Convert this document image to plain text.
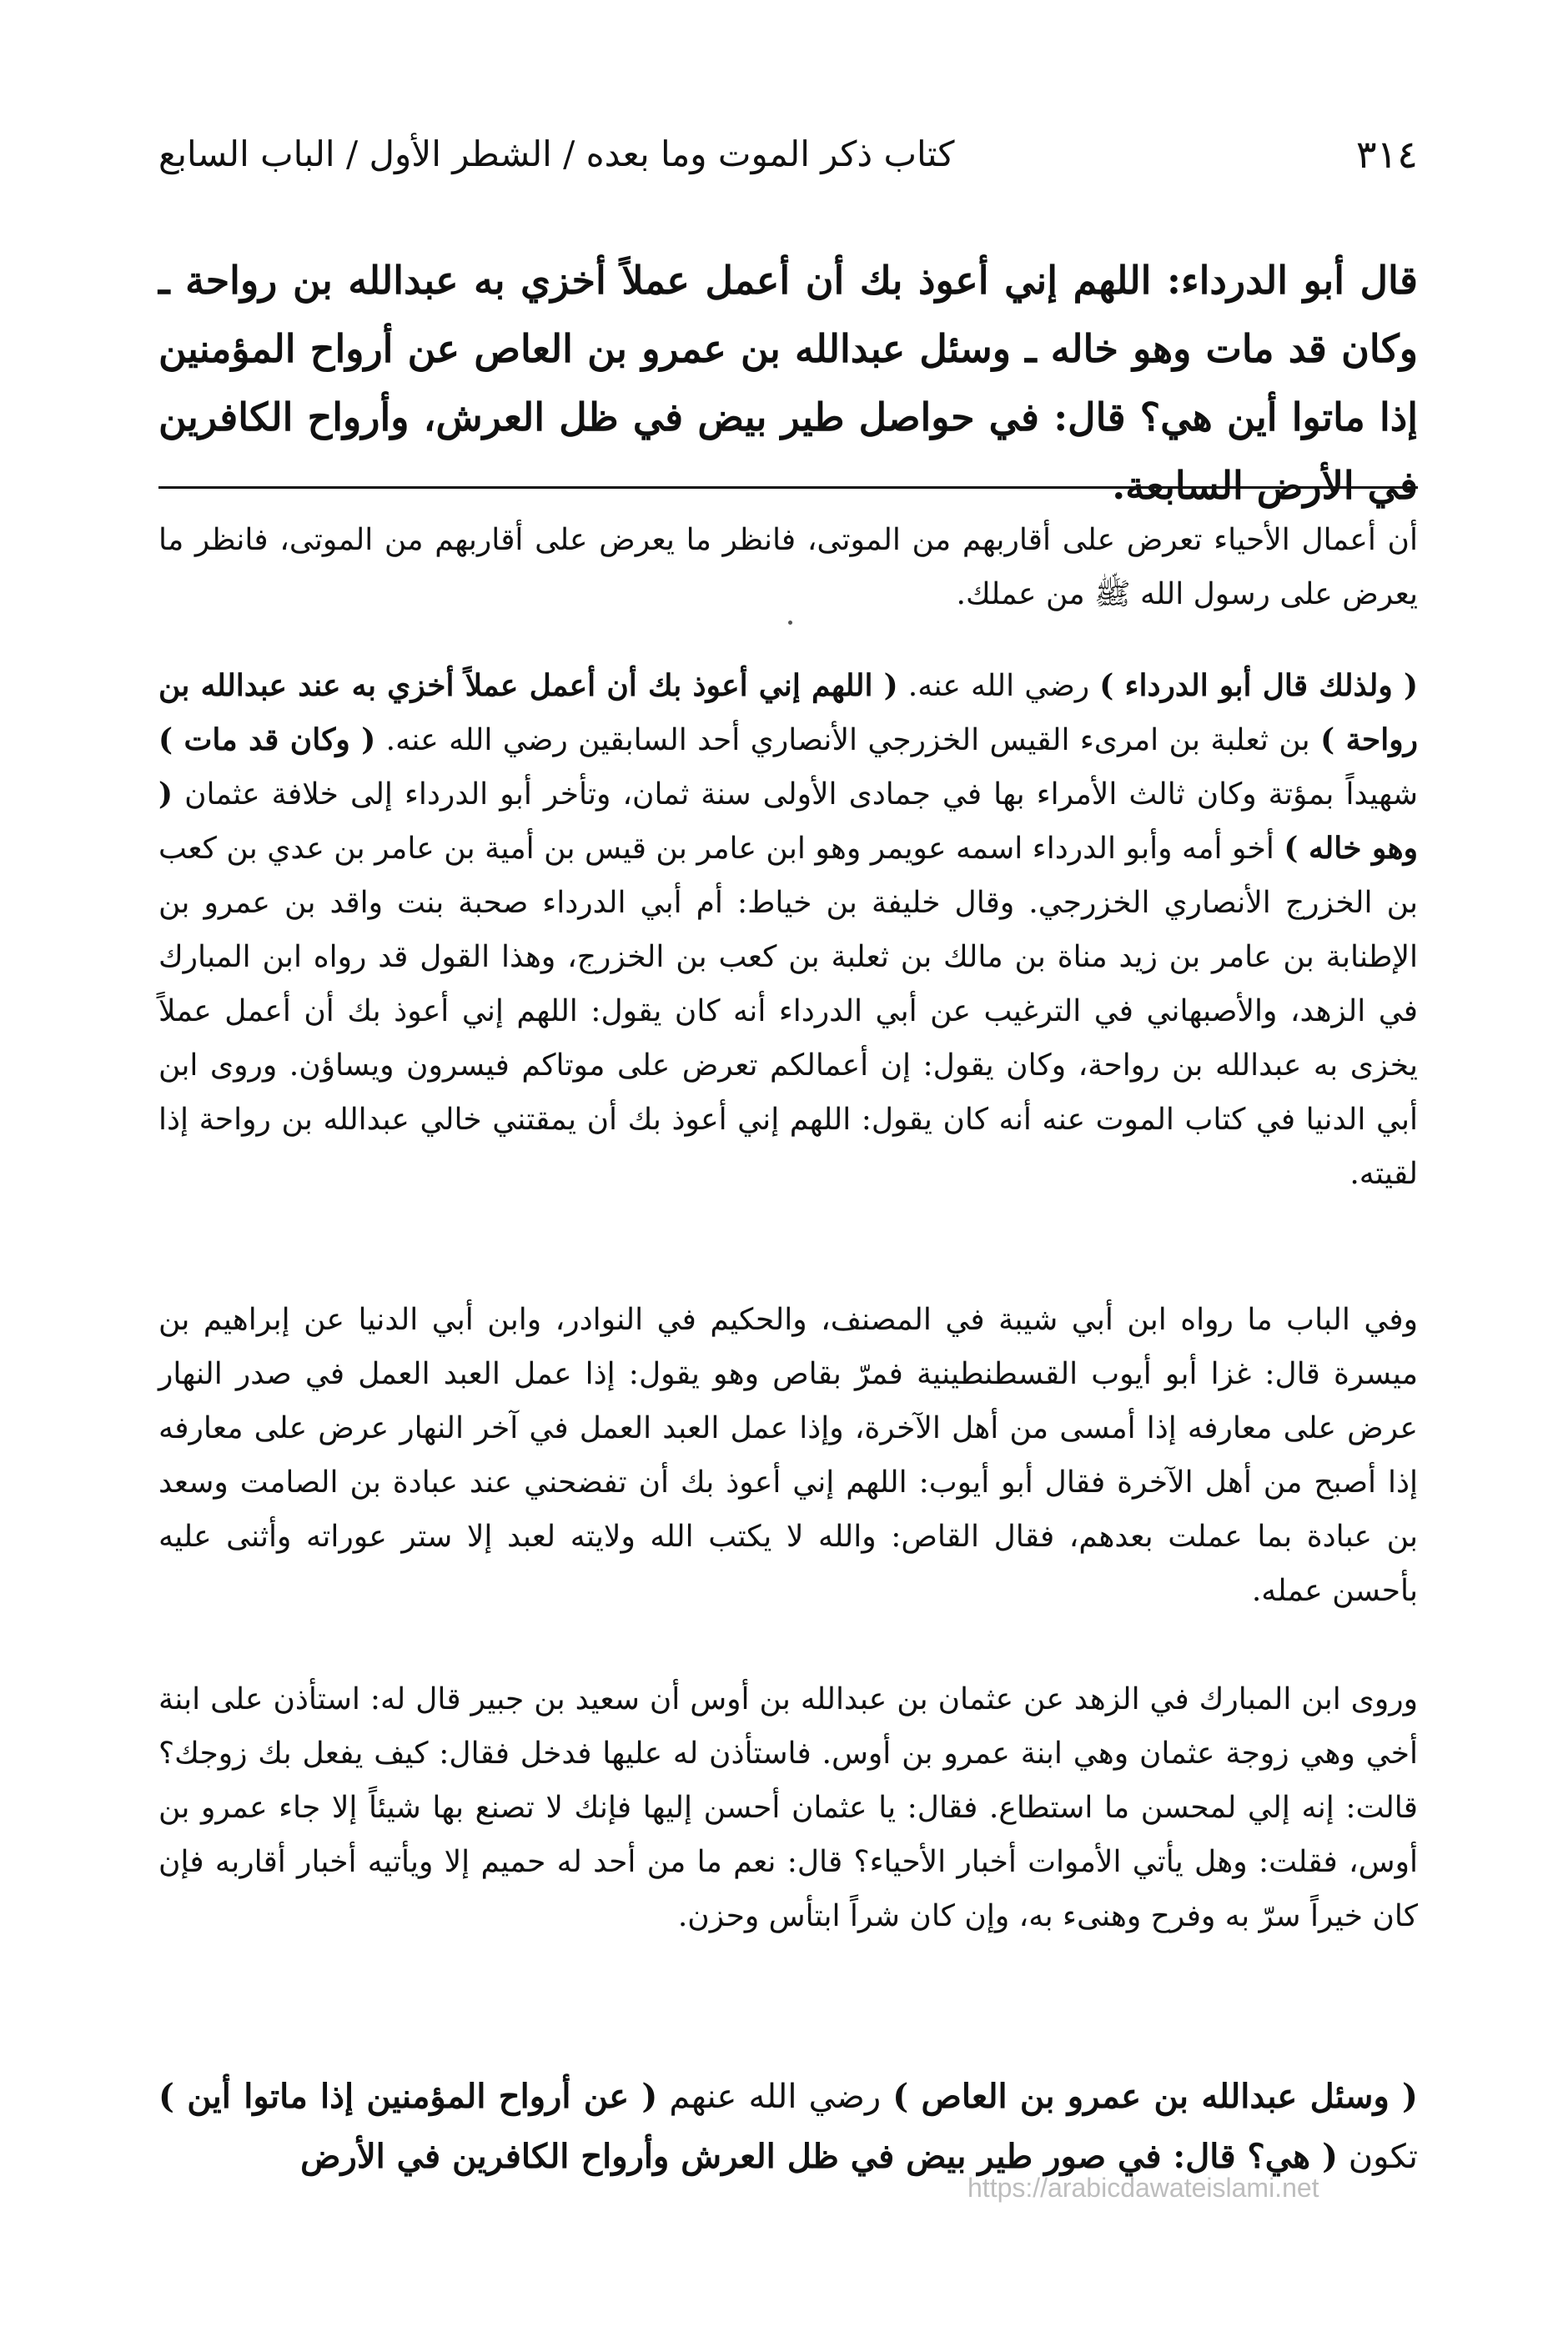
٣١٤
كتاب ذكر الموت وما بعده / الشطر الأول / الباب السابع
قال أبو الدرداء: اللهم إني أعوذ بك أن أعمل عملاً أخزي به عبدالله بن رواحة ـ وكان قد مات وهو خاله ـ وسئل عبدالله بن عمرو بن العاص عن أرواح المؤمنين إذا ماتوا أين هي؟ قال: في حواصل طير بيض في ظل العرش، وأرواح الكافرين في الأرض السابعة.

أن أعمال الأحياء تعرض على أقاربهم من الموتى، فانظر ما يعرض على أقاربهم من الموتى، فانظر ما يعرض على رسول الله ﷺ من عملك.

( ولذلك قال أبو الدرداء ) رضي الله عنه. ( اللهم إني أعوذ بك أن أعمل عملاً أخزي به عند عبدالله بن رواحة ) بن ثعلبة بن امرىء القيس الخزرجي الأنصاري أحد السابقين رضي الله عنه. ( وكان قد مات ) شهيداً بمؤتة وكان ثالث الأمراء بها في جمادى الأولى سنة ثمان، وتأخر أبو الدرداء إلى خلافة عثمان ( وهو خاله ) أخو أمه وأبو الدرداء اسمه عويمر وهو ابن عامر بن قيس بن أمية بن عامر بن عدي بن كعب بن الخزرج الأنصاري الخزرجي. وقال خليفة بن خياط: أم أبي الدرداء صحبة بنت واقد بن عمرو بن الإطنابة بن عامر بن زيد مناة بن مالك بن ثعلبة بن كعب بن الخزرج، وهذا القول قد رواه ابن المبارك في الزهد، والأصبهاني في الترغيب عن أبي الدرداء أنه كان يقول: اللهم إني أعوذ بك أن أعمل عملاً يخزى به عبدالله بن رواحة، وكان يقول: إن أعمالكم تعرض على موتاكم فيسرون ويساؤن. وروى ابن أبي الدنيا في كتاب الموت عنه أنه كان يقول: اللهم إني أعوذ بك أن يمقتني خالي عبدالله بن رواحة إذا لقيته.

وفي الباب ما رواه ابن أبي شيبة في المصنف، والحكيم في النوادر، وابن أبي الدنيا عن إبراهيم بن ميسرة قال: غزا أبو أيوب القسطنطينية فمرّ بقاص وهو يقول: إذا عمل العبد العمل في صدر النهار عرض على معارفه إذا أمسى من أهل الآخرة، وإذا عمل العبد العمل في آخر النهار عرض على معارفه إذا أصبح من أهل الآخرة فقال أبو أيوب: اللهم إني أعوذ بك أن تفضحني عند عبادة بن الصامت وسعد بن عبادة بما عملت بعدهم، فقال القاص: والله لا يكتب الله ولايته لعبد إلا ستر عوراته وأثنى عليه بأحسن عمله.

وروى ابن المبارك في الزهد عن عثمان بن عبدالله بن أوس أن سعيد بن جبير قال له: استأذن على ابنة أخي وهي زوجة عثمان وهي ابنة عمرو بن أوس. فاستأذن له عليها فدخل فقال: كيف يفعل بك زوجك؟ قالت: إنه إلي لمحسن ما استطاع. فقال: يا عثمان أحسن إليها فإنك لا تصنع بها شيئاً إلا جاء عمرو بن أوس، فقلت: وهل يأتي الأموات أخبار الأحياء؟ قال: نعم ما من أحد له حميم إلا ويأتيه أخبار أقاربه فإن كان خيراً سرّ به وفرح وهنىء به، وإن كان شراً ابتأس وحزن.

( وسئل عبدالله بن عمرو بن العاص ) رضي الله عنهم ( عن أرواح المؤمنين إذا ماتوا أين ) تكون ( هي؟ قال: في صور طير بيض في ظل العرش وأرواح الكافرين في الأرض

https://arabicdawateislami.net
